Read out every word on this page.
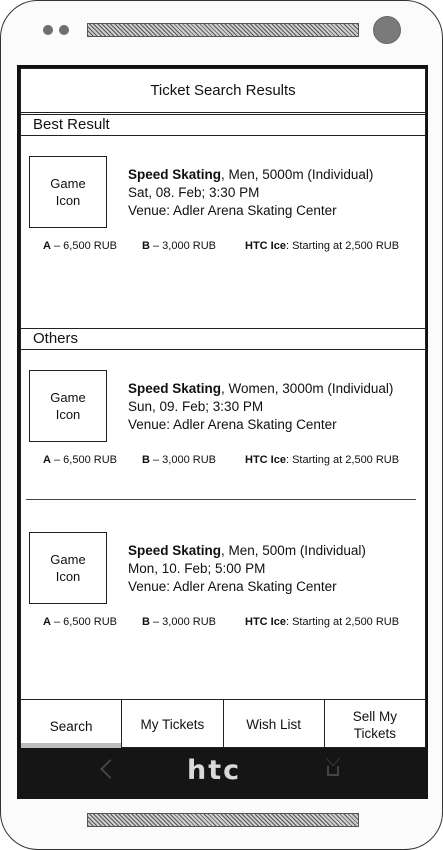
Ticket Search Results
Best Result
Game
Icon
Speed Skating, Men, 5000m (Individual)
Sat, 08. Feb; 3:30 PM
Venue: Adler Arena Skating Center
A – 6,500 RUB B – 3,000 RUB	HTC Ice: Starting at 2,500 RUB
Others
Game
Icon
Speed Skating, Women, 3000m (Individual)
Sun, 09. Feb; 3:30 PM
Venue: Adler Arena Skating Center
A – 6,500 RUB B – 3,000 RUB	HTC Ice: Starting at 2,500 RUB
Game
Icon
Speed Skating, Men, 500m (Individual)
Mon, 10. Feb; 5:00 PM
Venue: Adler Arena Skating Center
A – 6,500 RUB B – 3,000 RUB	HTC Ice: Starting at 2,500 RUB
Search	My Tickets	Wish List
Sell My
Tickets
htc
